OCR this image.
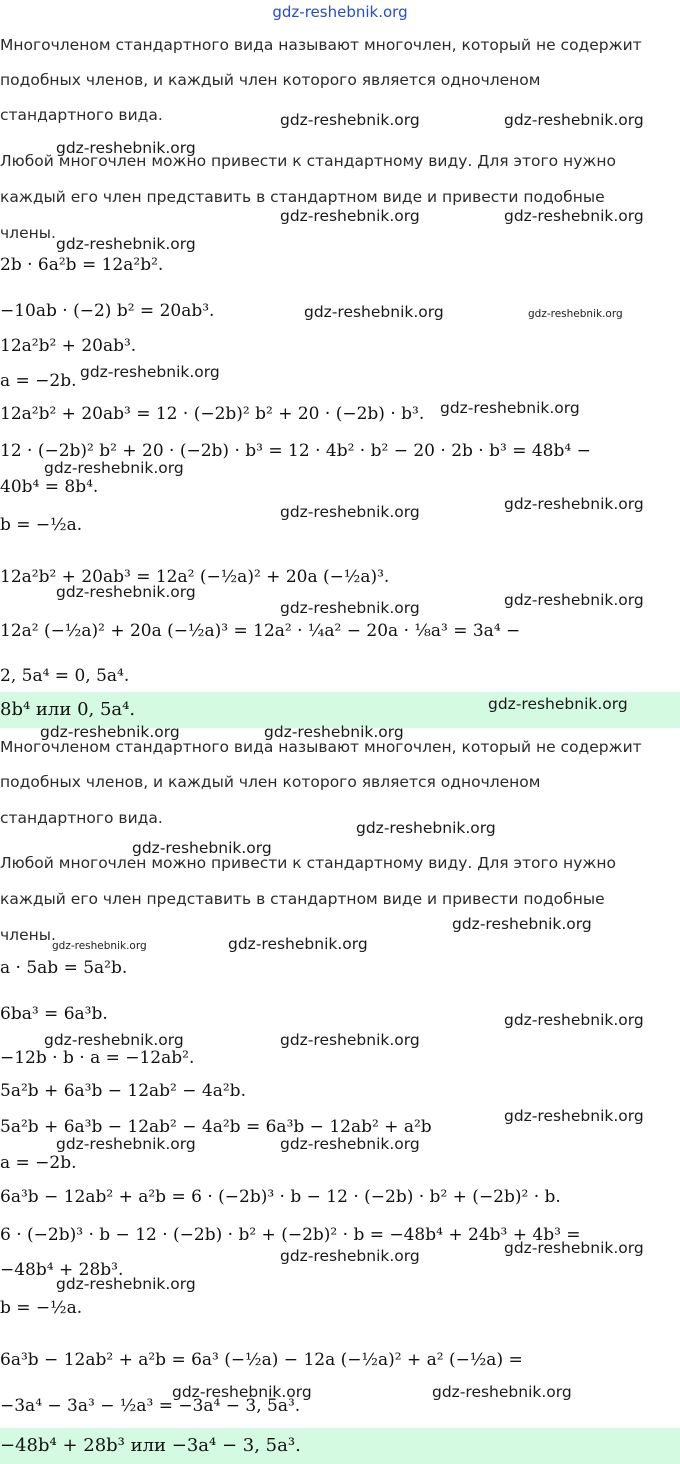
gdz-reshebnik.org
Многочленом стандартного вида называют многочлен, который не содержит
подобных членов, и каждый член которого является одночленом
стандартного вида.
Любой многочлен можно привести к стандартному виду. Для этого нужно
каждый его член представить в стандартном виде и привести подобные
члены.
2b · 6a²b = 12a²b².
−10ab · (−2) b² = 20ab³.
12a²b² + 20ab³.
a = −2b.
12a²b² + 20ab³ = 12 · (−2b)² b² + 20 · (−2b) · b³.
12 · (−2b)² b² + 20 · (−2b) · b³ = 12 · 4b² · b² − 20 · 2b · b³ = 48b⁴ −
40b⁴ = 8b⁴.
b = −½a.
12a²b² + 20ab³ = 12a² (−½a)² + 20a (−½a)³.
12a² (−½a)² + 20a (−½a)³ = 12a² · ¼a² − 20a · ⅛a³ = 3a⁴ −
2, 5a⁴ = 0, 5a⁴.
8b⁴ или 0, 5a⁴.
Многочленом стандартного вида называют многочлен, который не содержит
подобных членов, и каждый член которого является одночленом
стандартного вида.
Любой многочлен можно привести к стандартному виду. Для этого нужно
каждый его член представить в стандартном виде и привести подобные
члены.
a · 5ab = 5a²b.
6ba³ = 6a³b.
−12b · b · a = −12ab².
5a²b + 6a³b − 12ab² − 4a²b.
5a²b + 6a³b − 12ab² − 4a²b = 6a³b − 12ab² + a²b
a = −2b.
6a³b − 12ab² + a²b = 6 · (−2b)³ · b − 12 · (−2b) · b² + (−2b)² · b.
6 · (−2b)³ · b − 12 · (−2b) · b² + (−2b)² · b = −48b⁴ + 24b³ + 4b³ =
−48b⁴ + 28b³.
b = −½a.
6a³b − 12ab² + a²b = 6a³ (−½a) − 12a (−½a)² + a² (−½a) =
−3a⁴ − 3a³ − ½a³ = −3a⁴ − 3, 5a³.
−48b⁴ + 28b³ или −3a⁴ − 3, 5a³.
gdz-reshebnik.org	gdz-reshebnik.org
gdz-reshebnik.org
gdz-reshebnik.org	gdz-reshebnik.org
gdz-reshebnik.org
gdz-reshebnik.org	gdz-reshebnik.org
gdz-reshebnik.org
gdz-reshebnik.org
gdz-reshebnik.org
gdz-reshebnik.org
gdz-reshebnik.org
gdz-reshebnik.org	gdz-reshebnik.org
gdz-reshebnik.org
gdz-reshebnik.org
gdz-reshebnik.org	gdz-reshebnik.org
gdz-reshebnik.org
gdz-reshebnik.org
gdz-reshebnik.org
gdz-reshebnik.org
gdz-reshebnik.org
gdz-reshebnik.org
gdz-reshebnik.org	gdz-reshebnik.org
gdz-reshebnik.org
gdz-reshebnik.org	gdz-reshebnik.org
gdz-reshebnik.org
gdz-reshebnik.org
gdz-reshebnik.org
gdz-reshebnik.org	gdz-reshebnik.org
